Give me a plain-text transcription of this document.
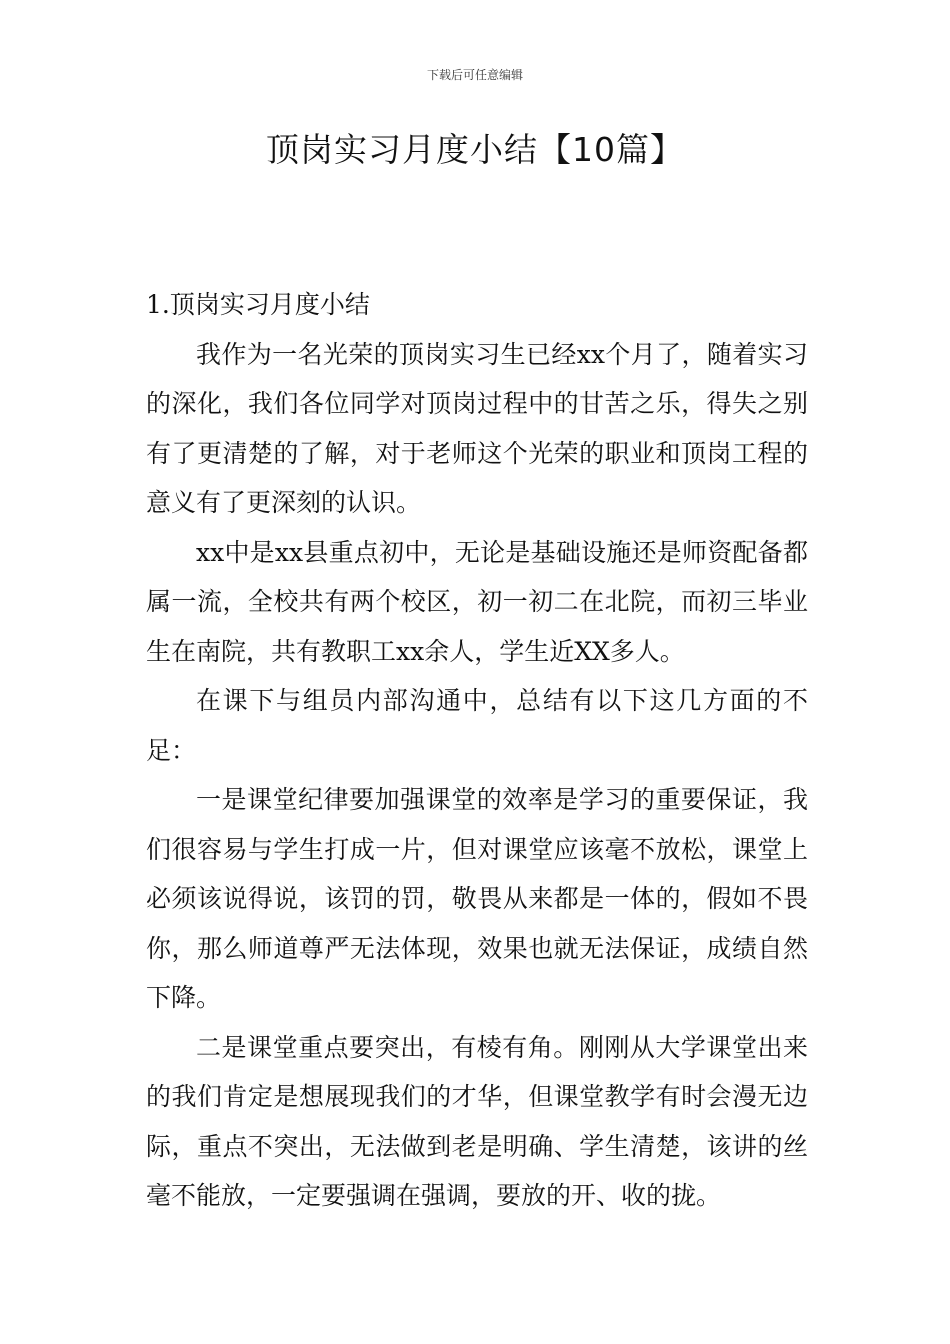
下载后可任意编辑
顶岗实习月度小结【10篇】

1.顶岗实习月度小结

我作为一名光荣的顶岗实习生已经xx个月了，随着实习的深化，我们各位同学对顶岗过程中的甘苦之乐，得失之别有了更清楚的了解，对于老师这个光荣的职业和顶岗工程的意义有了更深刻的认识。

xx中是xx县重点初中，无论是基础设施还是师资配备都属一流，全校共有两个校区，初一初二在北院，而初三毕业生在南院，共有教职工xx余人，学生近XX多人。

在课下与组员内部沟通中，总结有以下这几方面的不足：

一是课堂纪律要加强课堂的效率是学习的重要保证，我们很容易与学生打成一片，但对课堂应该毫不放松，课堂上必须该说得说，该罚的罚，敬畏从来都是一体的，假如不畏你，那么师道尊严无法体现，效果也就无法保证，成绩自然下降。

二是课堂重点要突出，有棱有角。刚刚从大学课堂出来的我们肯定是想展现我们的才华，但课堂教学有时会漫无边际，重点不突出，无法做到老是明确、学生清楚，该讲的丝毫不能放，一定要强调在强调，要放的开、收的拢。
